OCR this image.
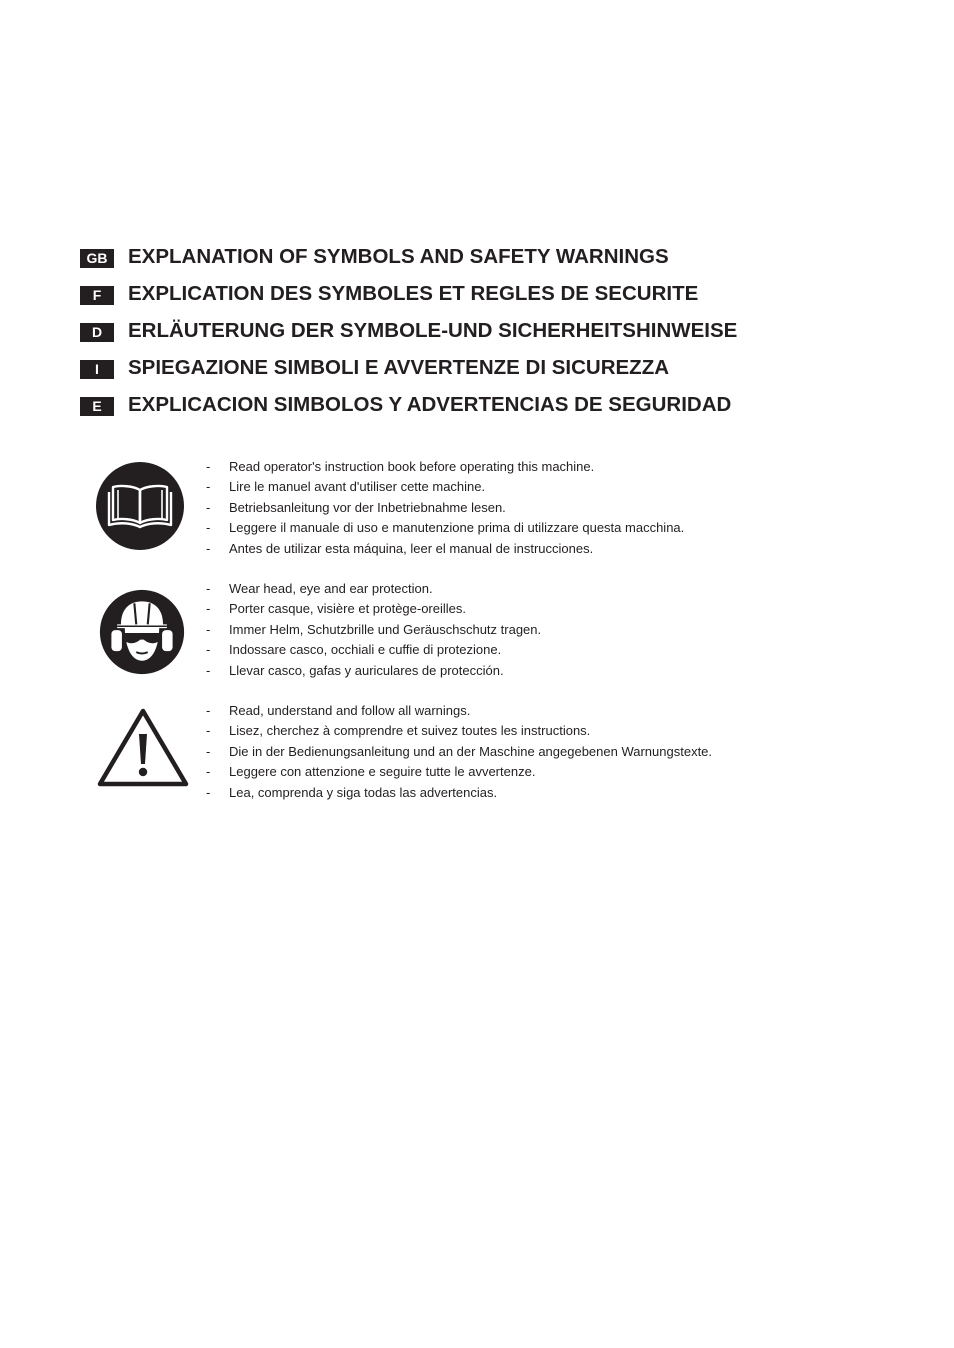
GB	EXPLANATION OF SYMBOLS AND SAFETY WARNINGS
F	EXPLICATION DES SYMBOLES ET REGLES DE SECURITE
D	ERLÄUTERUNG DER SYMBOLE-UND SICHERHEITSHINWEISE
I	SPIEGAZIONE SIMBOLI E AVVERTENZE DI SICUREZZA
E	EXPLICACION SIMBOLOS Y ADVERTENCIAS DE SEGURIDAD
-	Read operator's instruction book before operating this machine.
-	Lire le manuel avant d'utiliser cette machine.
-	Betriebsanleitung vor der Inbetriebnahme lesen.
-	Leggere il manuale di uso e manutenzione prima di utilizzare questa macchina.
-	Antes de utilizar esta máquina, leer el manual de instrucciones.
-	Wear head, eye and ear protection.
-	Porter casque, visière et protège-oreilles.
-	Immer Helm, Schutzbrille und Geräuschschutz tragen.
-	Indossare casco, occhiali e cuffie di protezione.
-	Llevar casco, gafas y auriculares de protección.
-	Read, understand and follow all warnings.
-	Lisez, cherchez à comprendre et suivez toutes les instructions.
-	Die in der Bedienungsanleitung und an der Maschine angegebenen Warnungstexte.
-	Leggere con attenzione e seguire tutte le avvertenze.
-	Lea, comprenda y siga todas las advertencias.
